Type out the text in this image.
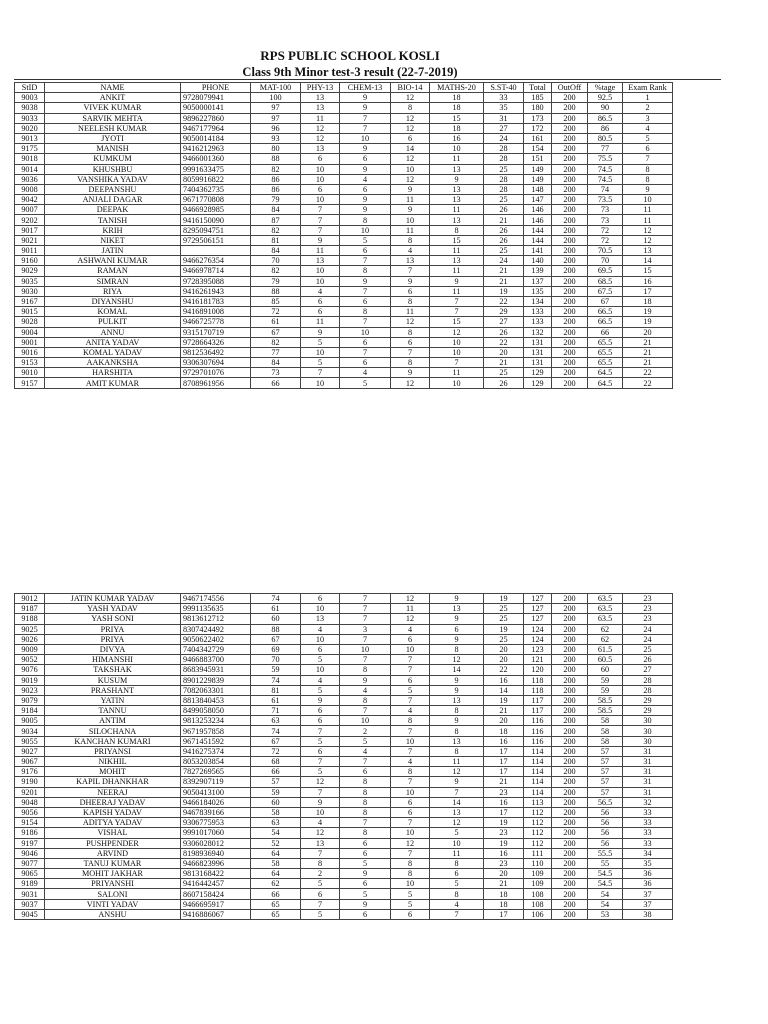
RPS PUBLIC SCHOOL KOSLI
Class 9th Minor test-3 result (22-7-2019)
StID	NAME	PHONE	MAT-100	PHY-13	CHEM-13	BIO-14	MATHS-20	S.ST-40	Total	OutOff	%tage	Exam Rank
9003	ANKIT	9728079941	100	13	9	12	18	33	185	200	92.5	1
9038	VIVEK KUMAR	9050000141	97	13	9	8	18	35	180	200	90	2
9033	SARVIK MEHTA	9896227860	97	11	7	12	15	31	173	200	86.5	3
9020	NEELESH KUMAR	9467177964	96	12	7	12	18	27	172	200	86	4
9013	JYOTI	9050014184	93	12	10	6	16	24	161	200	80.5	5
9175	MANISH	9416212963	80	13	9	14	10	28	154	200	77	6
9018	KUMKUM	9466001360	88	6	6	12	11	28	151	200	75.5	7
9014	KHUSHBU	9991633475	82	10	9	10	13	25	149	200	74.5	8
9036	VANSHIKA YADAV	8059916822	86	10	4	12	9	28	149	200	74.5	8
9008	DEEPANSHU	7404362735	86	6	6	9	13	28	148	200	74	9
9042	ANJALI DAGAR	9671770808	79	10	9	11	13	25	147	200	73.5	10
9007	DEEPAK	9466928985	84	7	9	9	11	26	146	200	73	11
9202	TANISH	9416150090	87	7	8	10	13	21	146	200	73	11
9017	KRIH	8295094751	82	7	10	11	8	26	144	200	72	12
9021	NIKET	9729506151	81	9	5	8	15	26	144	200	72	12
9011	JATIN		84	11	6	4	11	25	141	200	70.5	13
9160	ASHWANI KUMAR	9466276354	70	13	7	13	13	24	140	200	70	14
9029	RAMAN	9466978714	82	10	8	7	11	21	139	200	69.5	15
9035	SIMRAN	9728395088	79	10	9	9	9	21	137	200	68.5	16
9030	RIYA	9416261943	88	4	7	6	11	19	135	200	67.5	17
9167	DIYANSHU	9416181783	85	6	6	8	7	22	134	200	67	18
9015	KOMAL	9416891008	72	6	8	11	7	29	133	200	66.5	19
9028	PULKIT	9466725778	61	11	7	12	15	27	133	200	66.5	19
9004	ANNU	9315170719	67	9	10	8	12	26	132	200	66	20
9001	ANITA YADAV	9728664326	82	5	6	6	10	22	131	200	65.5	21
9016	KOMAL YADAV	9812536492	77	10	7	7	10	20	131	200	65.5	21
9153	AAKANKSHA	9306307694	84	5	6	8	7	21	131	200	65.5	21
9010	HARSHITA	9729701076	73	7	4	9	11	25	129	200	64.5	22
9157	AMIT KUMAR	8708961956	66	10	5	12	10	26	129	200	64.5	22
9012	JATIN KUMAR YADAV	9467174556	74	6	7	12	9	19	127	200	63.5	23
9187	YASH YADAV	9991135635	61	10	7	11	13	25	127	200	63.5	23
9188	YASH SONI	9813612712	60	13	7	12	9	25	127	200	63.5	23
9025	PRIYA	8307424492	88	4	3	4	6	19	124	200	62	24
9026	PRIYA	9050622402	67	10	7	6	9	25	124	200	62	24
9009	DIVYA	7404342729	69	6	10	10	8	20	123	200	61.5	25
9052	HIMANSHI	9466883700	70	5	7	7	12	20	121	200	60.5	26
9076	TAKSHAK	8683945931	59	10	8	7	14	22	120	200	60	27
9019	KUSUM	8901229839	74	4	9	6	9	16	118	200	59	28
9023	PRASHANT	7082063301	81	5	4	5	9	14	118	200	59	28
9079	YATIN	8813840453	61	9	8	7	13	19	117	200	58.5	29
9184	TANNU	8499058050	71	6	7	4	8	21	117	200	58.5	29
9005	ANTIM	9813253234	63	6	10	8	9	20	116	200	58	30
9034	SILOCHANA	9671957858	74	7	2	7	8	18	116	200	58	30
9055	KANCHAN KUMARI	9671451592	67	5	5	10	13	16	116	200	58	30
9027	PRIYANSI	9416275374	72	6	4	7	8	17	114	200	57	31
9067	NIKHIL	8053203854	68	7	7	4	11	17	114	200	57	31
9176	MOHIT	7827269565	66	5	6	8	12	17	114	200	57	31
9190	KAPIL DHANKHAR	8392907119	57	12	8	7	9	21	114	200	57	31
9201	NEERAJ	9050413100	59	7	8	10	7	23	114	200	57	31
9048	DHEERAJ YADAV	9466184026	60	9	8	6	14	16	113	200	56.5	32
9056	KAPISH YADAV	9467839166	58	10	8	6	13	17	112	200	56	33
9154	ADITYA YADAV	9306775953	63	4	7	7	12	19	112	200	56	33
9186	VISHAL	9991017060	54	12	8	10	5	23	112	200	56	33
9197	PUSHPENDER	9306028012	52	13	6	12	10	19	112	200	56	33
9046	ARVIND	8198936940	64	7	6	7	11	16	111	200	55.5	34
9077	TANUJ KUMAR	9466823996	58	8	5	8	8	23	110	200	55	35
9065	MOHIT JAKHAR	9813168422	64	2	9	8	6	20	109	200	54.5	36
9189	PRIYANSHI	9416442457	62	5	6	10	5	21	109	200	54.5	36
9031	SALONI	8607158424	66	6	5	5	8	18	108	200	54	37
9037	VINTI YADAV	9466695917	65	7	9	5	4	18	108	200	54	37
9045	ANSHU	9416886067	65	5	6	6	7	17	106	200	53	38
